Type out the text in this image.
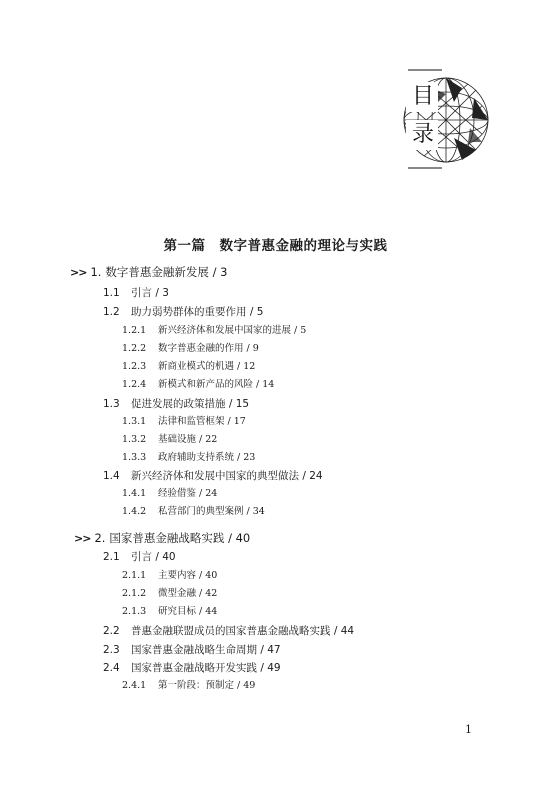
目
录
第一篇 数字普惠金融的理论与实践
>> 1. 数字普惠金融新发展 / 3
1.1 引言 / 3
1.2 助力弱势群体的重要作用 / 5
1.2.1 新兴经济体和发展中国家的进展 / 5
1.2.2 数字普惠金融的作用 / 9
1.2.3 新商业模式的机遇 / 12
1.2.4 新模式和新产品的风险 / 14
1.3 促进发展的政策措施 / 15
1.3.1 法律和监管框架 / 17
1.3.2 基础设施 / 22
1.3.3 政府辅助支持系统 / 23
1.4 新兴经济体和发展中国家的典型做法 / 24
1.4.1 经验借鉴 / 24
1.4.2 私营部门的典型案例 / 34
>> 2. 国家普惠金融战略实践 / 40
2.1 引言 / 40
2.1.1 主要内容 / 40
2.1.2 微型金融 / 42
2.1.3 研究目标 / 44
2.2 普惠金融联盟成员的国家普惠金融战略实践 / 44
2.3 国家普惠金融战略生命周期 / 47
2.4 国家普惠金融战略开发实践 / 49
2.4.1 第一阶段：预制定 / 49
1
